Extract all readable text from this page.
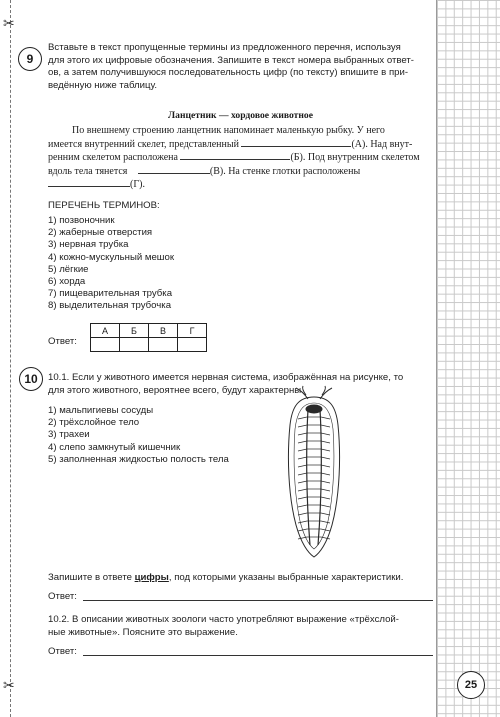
✂
✂
9
Вставьте в текст пропущенные термины из предложенного перечня, используя
для этого их цифровые обозначения. Запишите в текст номера выбранных ответ-
ов, а затем получившуюся последовательность цифр (по тексту) впишите в при-
ведённую ниже таблицу.
Ланцетник — хордовое животное
По внешнему строению ланцетник напоминает маленькую рыбку. У него
имеется внутренний скелет, представленный	(А). Над внут-
ренним скелетом расположена	(Б). Под внутренним скелетом
вдоль тела тянется	(В). На стенке глотки расположены
(Г).
ПЕРЕЧЕНЬ ТЕРМИНОВ:
1) позвоночник
2) жаберные отверстия
3) нервная трубка
4) кожно-мускульный мешок
5) лёгкие
6) хорда
7) пищеварительная трубка
8) выделительная трубочка
Ответ:
А	Б	В	Г

10	10.1. Если у животного имеется нервная система, изображённая на рисунке, то
для этого животного, вероятнее всего, будут характерны
1) мальпигиевы сосуды
2) трёхслойное тело
3) трахеи
4) слепо замкнутый кишечник
5) заполненная жидкостью полость тела
Запишите в ответе цифры, под которыми указаны выбранные характеристики.
Ответ:
10.2. В описании животных зоологи часто употребляют выражение «трёхслой-
ные животные». Поясните это выражение.
Ответ:
25
